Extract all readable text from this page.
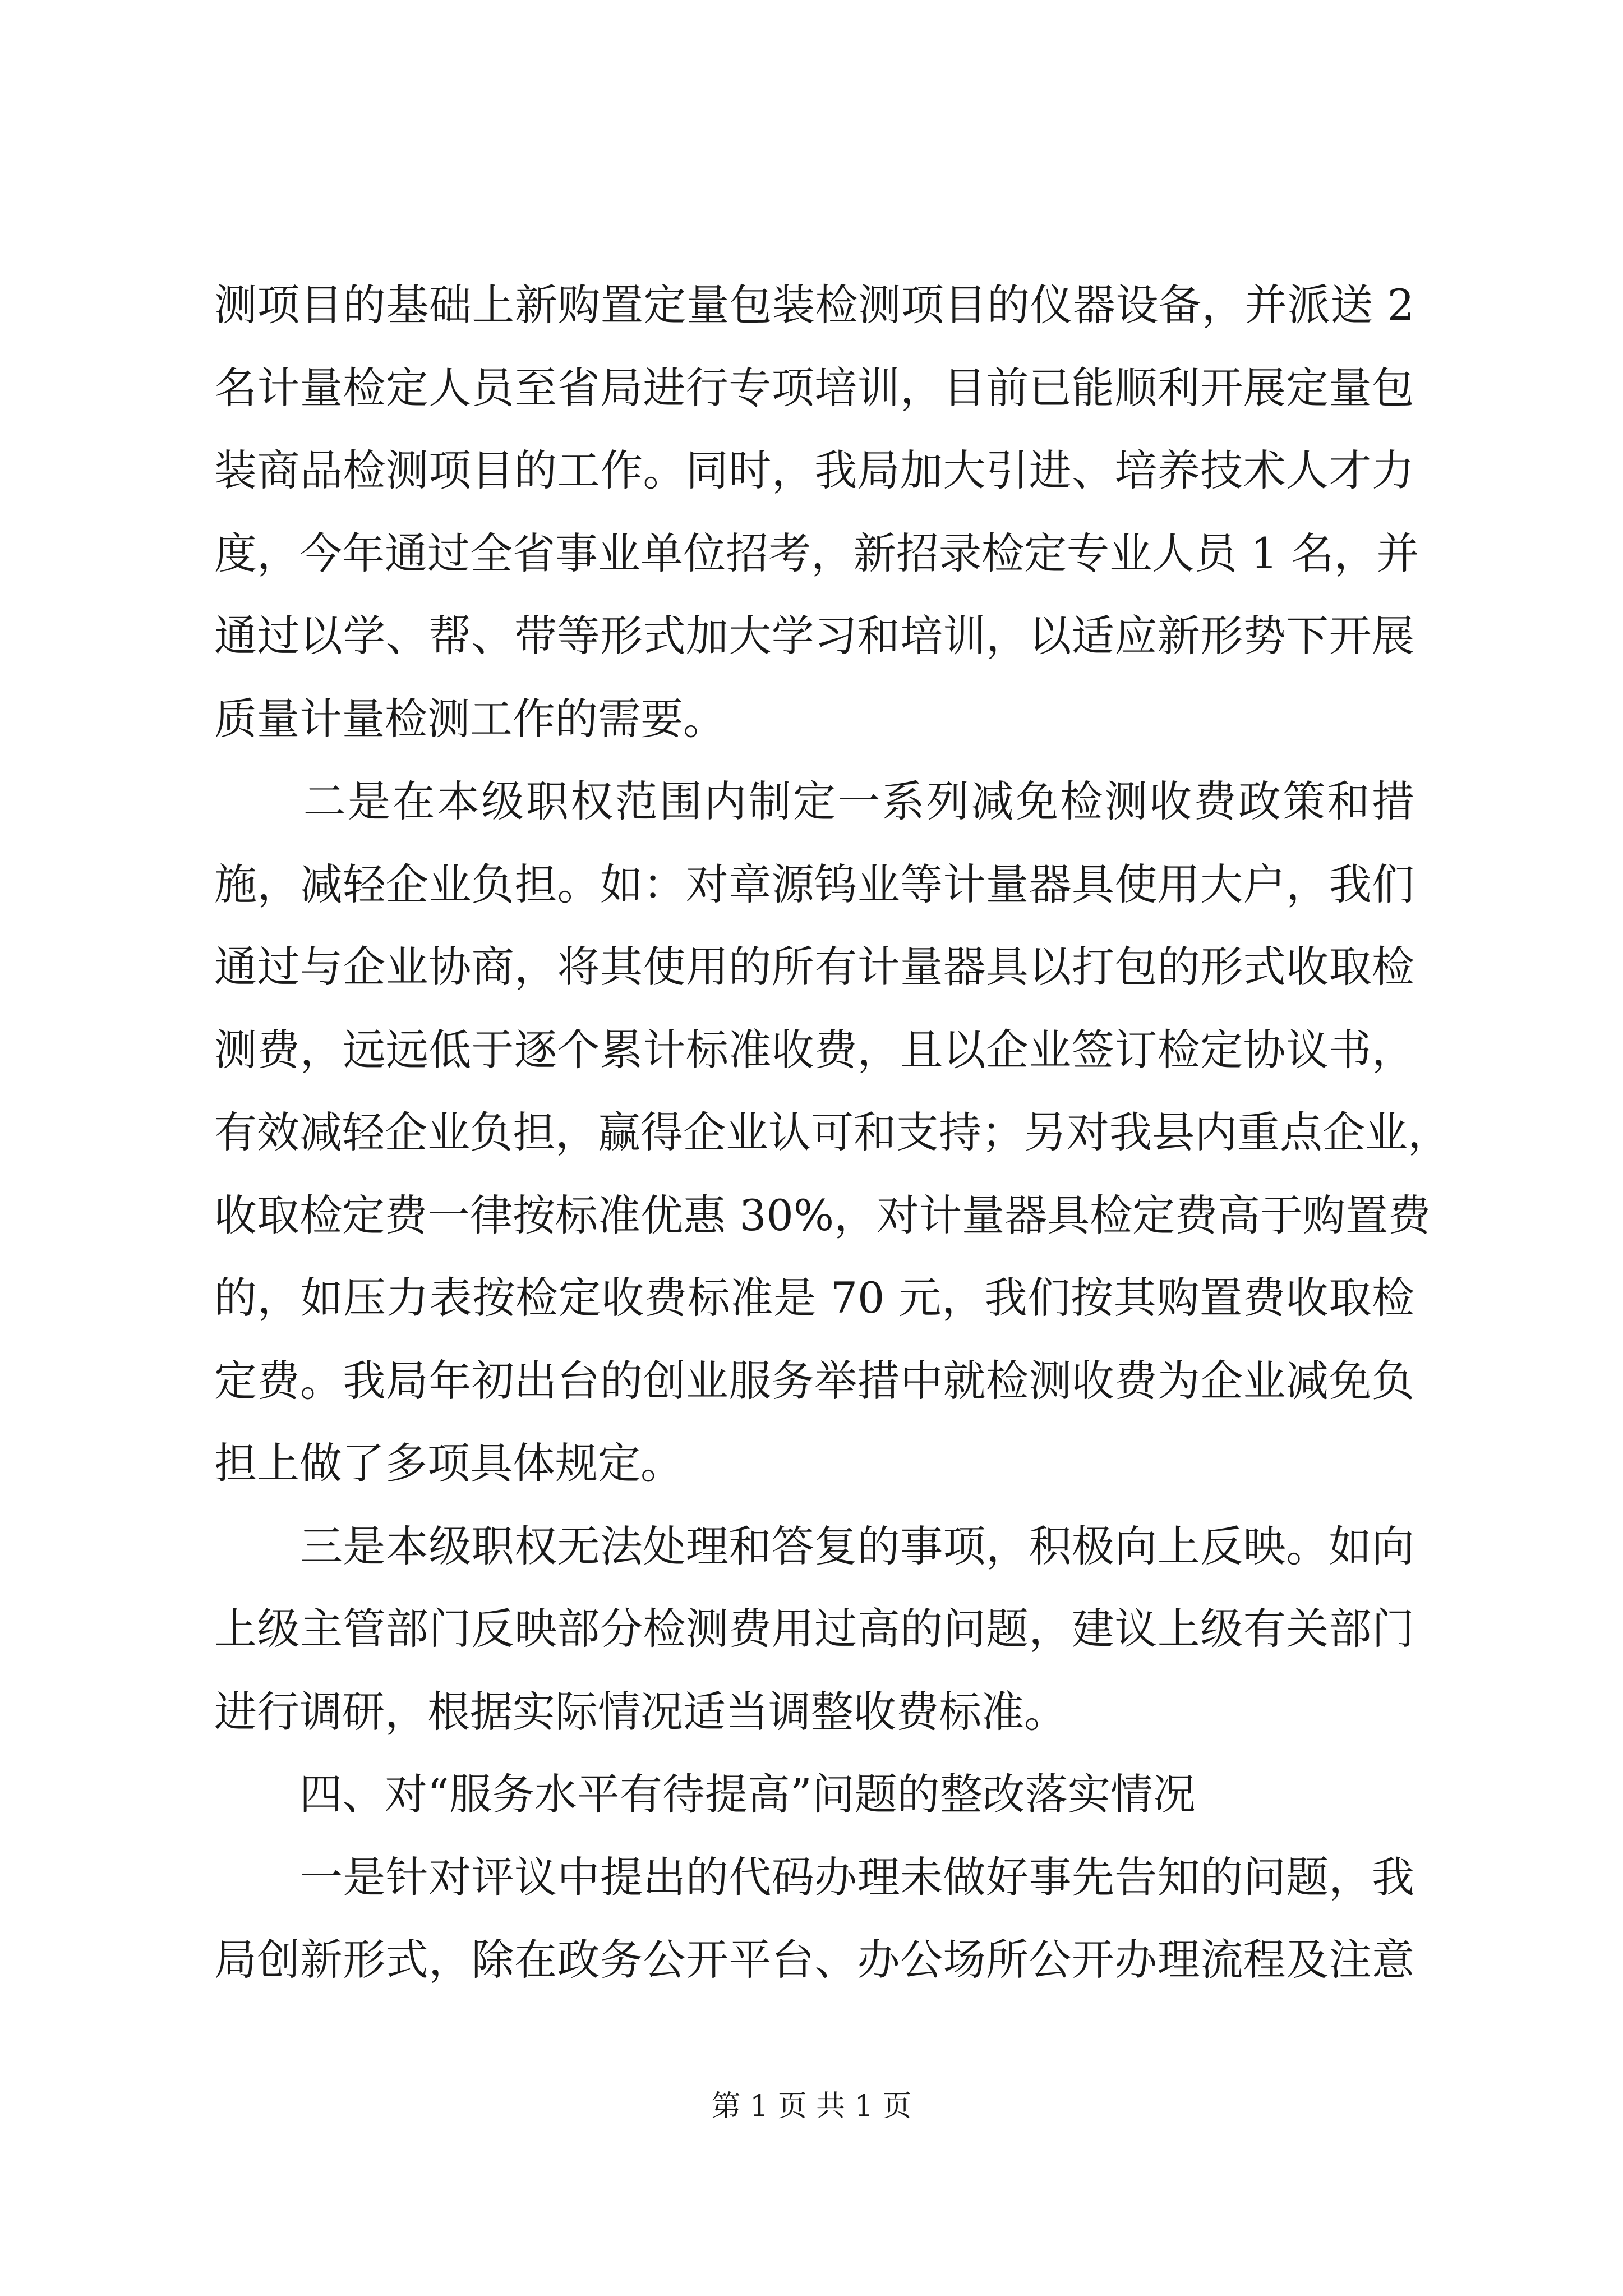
测项目的基础上新购置定量包装检测项目的仪器设备，并派送 2
名计量检定人员至省局进行专项培训，目前已能顺利开展定量包
装商品检测项目的工作。同时，我局加大引进、培养技术人才力
度，今年通过全省事业单位招考，新招录检定专业人员 1 名，并
通过以学、帮、带等形式加大学习和培训，以适应新形势下开展
质量计量检测工作的需要。
　　二是在本级职权范围内制定一系列减免检测收费政策和措
施，减轻企业负担。如：对章源钨业等计量器具使用大户，我们
通过与企业协商，将其使用的所有计量器具以打包的形式收取检
测费，远远低于逐个累计标准收费，且以企业签订检定协议书，
有效减轻企业负担，赢得企业认可和支持；另对我县内重点企业，
收取检定费一律按标准优惠 30%，对计量器具检定费高于购置费
的，如压力表按检定收费标准是 70 元，我们按其购置费收取检
定费。我局年初出台的创业服务举措中就检测收费为企业减免负
担上做了多项具体规定。
　　三是本级职权无法处理和答复的事项，积极向上反映。如向
上级主管部门反映部分检测费用过高的问题，建议上级有关部门
进行调研，根据实际情况适当调整收费标准。
　　四、对“服务水平有待提高”问题的整改落实情况
　　一是针对评议中提出的代码办理未做好事先告知的问题，我
局创新形式，除在政务公开平台、办公场所公开办理流程及注意
第 1 页 共 1 页
